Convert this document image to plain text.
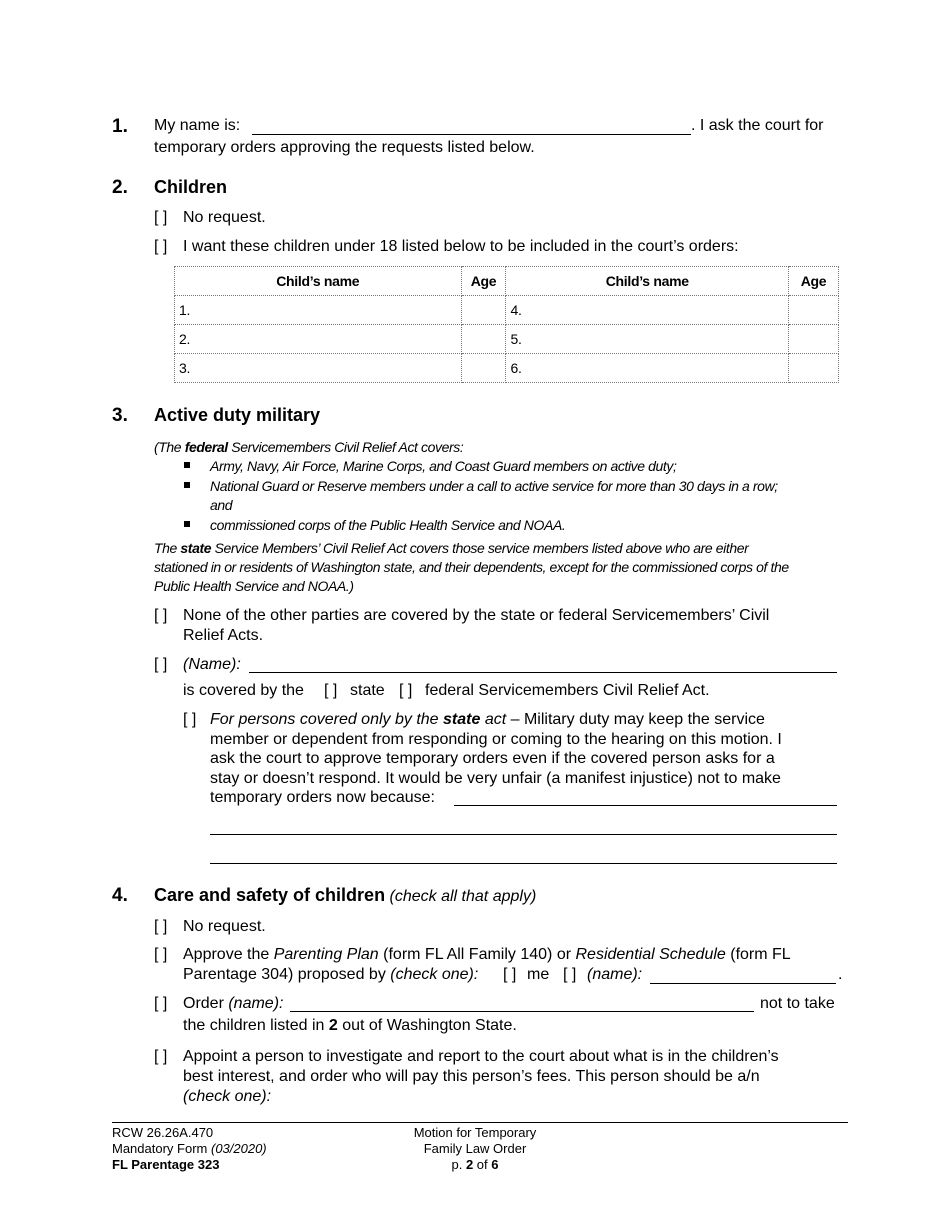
1. My name is:	. I ask the court for
temporary orders approving the requests listed below.
2. Children
[ ] No request.
[ ] I want these children under 18 listed below to be included in the court’s orders:
Child’s name	Age	Child’s name	Age
1.		4.	
2.		5.	
3.		6.	
3. Active duty military
(The federal Servicemembers Civil Relief Act covers:
Army, Navy, Air Force, Marine Corps, and Coast Guard members on active duty;
National Guard or Reserve members under a call to active service for more than 30 days in a row;
and
commissioned corps of the Public Health Service and NOAA.
The state Service Members’ Civil Relief Act covers those service members listed above who are either
stationed in or residents of Washington state, and their dependents, except for the commissioned corps of the
Public Health Service and NOAA.)
[ ] None of the other parties are covered by the state or federal Servicemembers’ Civil
Relief Acts.
[ ] (Name):
is covered by the [ ] state [ ] federal Servicemembers Civil Relief Act.
[ ] For persons covered only by the state act – Military duty may keep the service
member or dependent from responding or coming to the hearing on this motion. I
ask the court to approve temporary orders even if the covered person asks for a
stay or doesn’t respond. It would be very unfair (a manifest injustice) not to make
temporary orders now because:
4. Care and safety of children (check all that apply)
[ ] No request.
[ ] Approve the Parenting Plan (form FL All Family 140) or Residential Schedule (form FL
Parentage 304) proposed by (check one): [ ] me [ ] (name):	.
[ ] Order (name):	not to take
the children listed in 2 out of Washington State.
[ ] Appoint a person to investigate and report to the court about what is in the children’s
best interest, and order who will pay this person’s fees. This person should be a/n
(check one):
RCW 26.26A.470
Mandatory Form (03/2020)
FL Parentage 323
Motion for Temporary
Family Law Order
p. 2 of 6
